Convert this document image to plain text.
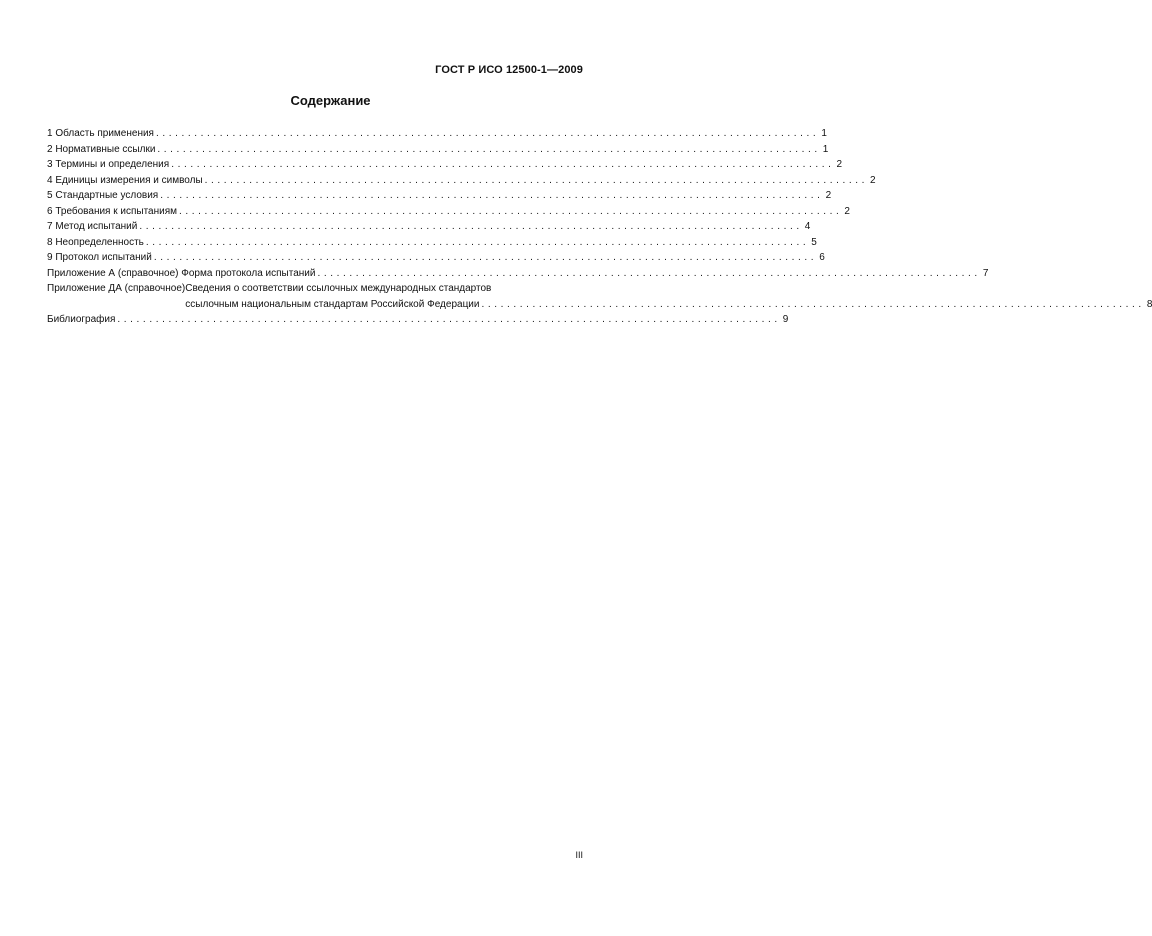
ГОСТ Р ИСО 12500-1—2009
Содержание
1 Область применения ........................................................................................................ 1
2 Нормативные ссылки ........................................................................................................ 1
3 Термины и определения ........................................................................................................ 2
4 Единицы измерения и символы ........................................................................................................ 2
5 Стандартные условия ........................................................................................................ 2
6 Требования к испытаниям ........................................................................................................ 2
7 Метод испытаний ........................................................................................................ 4
8 Неопределенность ........................................................................................................ 5
9 Протокол испытаний ........................................................................................................ 6
Приложение А (справочное) Форма протокола испытаний ........................................................................................................ 7
Приложение ДА (справочное) Сведения о соответствии ссылочных международных стандартов
ссылочным национальным стандартам Российской Федерации ........................................................................................................ 8
Библиография ........................................................................................................ 9
III
